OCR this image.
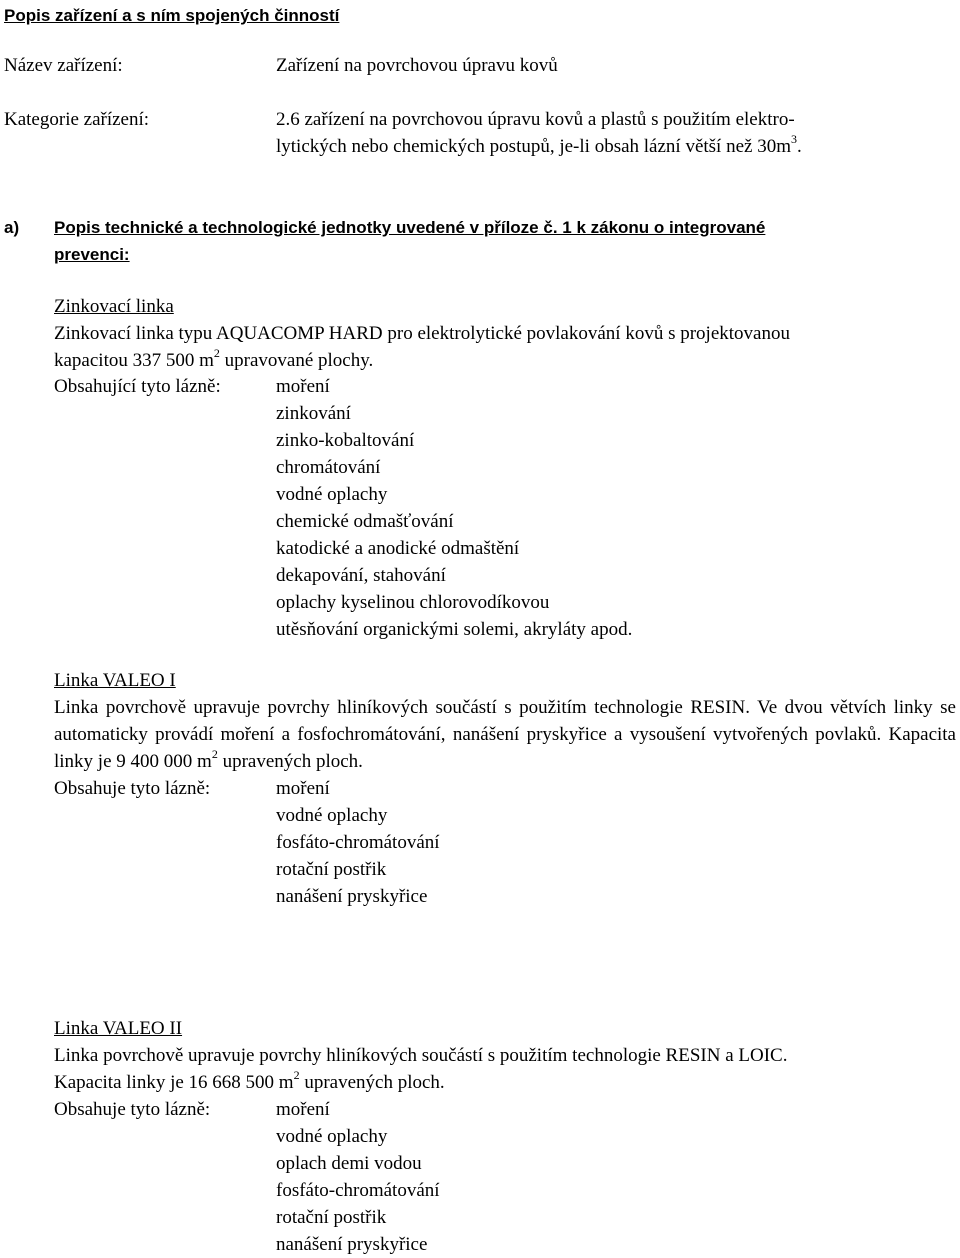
Popis zařízení a s ním spojených činností
Název zařízení:	Zařízení na povrchovou úpravu kovů
Kategorie zařízení:	2.6 zařízení na povrchovou úpravu kovů a plastů s použitím elektro-
lytických nebo chemických postupů, je-li obsah lázní větší než $30m^3$.
a) Popis technické a technologické jednotky uvedené v příloze č. 1 k zákonu o integrované
prevenci:
Zinkovací linka
Zinkovací linka typu AQUACOMP HARD pro elektrolytické povlakování kovů s projektovanou
kapacitou 337 500 $m^2$ upravované plochy.
Obsahující tyto lázně:	moření
zinkování
zinko-kobaltování
chromátování
vodné oplachy
chemické odmašťování
katodické a anodické odmaštění
dekapování, stahování
oplachy kyselinou chlorovodíkovou
utěsňování organickými solemi, akryláty apod.
Linka VALEO I
Linka povrchově upravuje povrchy hliníkových součástí s použitím technologie RESIN. Ve dvou větvích linky se automaticky provádí moření a fosfochromátování, nanášení pryskyřice a vysoušení vytvořených povlaků. Kapacita linky je 9 400 000 $m^2$ upravených ploch.
Obsahuje tyto lázně:	moření
vodné oplachy
fosfáto-chromátování
rotační postřik
nanášení pryskyřice
Linka VALEO II
Linka povrchově upravuje povrchy hliníkových součástí s použitím technologie RESIN a LOIC.
Kapacita linky je 16 668 500 $m^2$ upravených ploch.
Obsahuje tyto lázně:	moření
vodné oplachy
oplach demi vodou
fosfáto-chromátování
rotační postřik
nanášení pryskyřice
